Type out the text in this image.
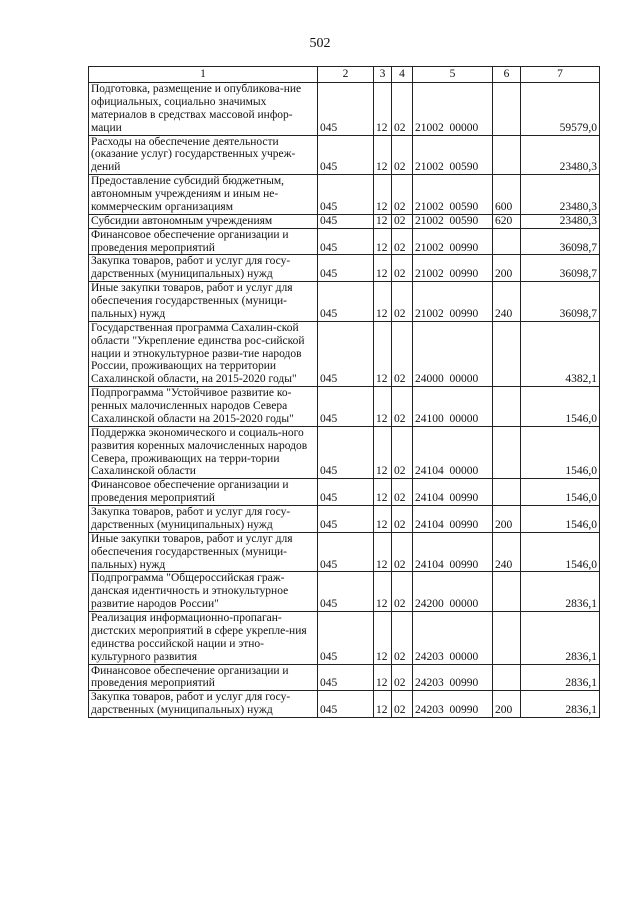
502
1	2	3	4	5	6	7
Подготовка, размещение и опубликова-ние официальных, социально значимых материалов в средствах массовой инфор-мации	045	12	02	21002  00000		59579,0
Расходы на обеспечение деятельности (оказание услуг) государственных учреж-дений	045	12	02	21002  00590		23480,3
Предоставление субсидий бюджетным, автономным учреждениям и иным не-коммерческим организациям	045	12	02	21002  00590	600	23480,3
Субсидии автономным учреждениям	045	12	02	21002  00590	620	23480,3
Финансовое обеспечение организации и проведения мероприятий	045	12	02	21002  00990		36098,7
Закупка товаров, работ и услуг для госу-дарственных (муниципальных) нужд	045	12	02	21002  00990	200	36098,7
Иные закупки товаров, работ и услуг для обеспечения государственных (муници-пальных) нужд	045	12	02	21002  00990	240	36098,7
Государственная программа Сахалин-ской области "Укрепление единства рос-сийской нации и этнокультурное разви-тие народов России, проживающих на территории Сахалинской области, на 2015-2020 годы"	045	12	02	24000  00000		4382,1
Подпрограмма "Устойчивое развитие ко-ренных малочисленных народов Севера Сахалинской области на 2015-2020 годы"	045	12	02	24100  00000		1546,0
Поддержка экономического и социаль-ного развития коренных малочисленных народов Севера, проживающих на терри-тории Сахалинской области	045	12	02	24104  00000		1546,0
Финансовое обеспечение организации и проведения мероприятий	045	12	02	24104  00990		1546,0
Закупка товаров, работ и услуг для госу-дарственных (муниципальных) нужд	045	12	02	24104  00990	200	1546,0
Иные закупки товаров, работ и услуг для обеспечения государственных (муници-пальных) нужд	045	12	02	24104  00990	240	1546,0
Подпрограмма "Общероссийская граж-данская идентичность и этнокультурное развитие народов России"	045	12	02	24200  00000		2836,1
Реализация информационно-пропаган-дистских мероприятий в сфере укрепле-ния единства российской нации и этно-культурного развития	045	12	02	24203  00000		2836,1
Финансовое обеспечение организации и проведения мероприятий	045	12	02	24203  00990		2836,1
Закупка товаров, работ и услуг для госу-дарственных (муниципальных) нужд	045	12	02	24203  00990	200	2836,1
